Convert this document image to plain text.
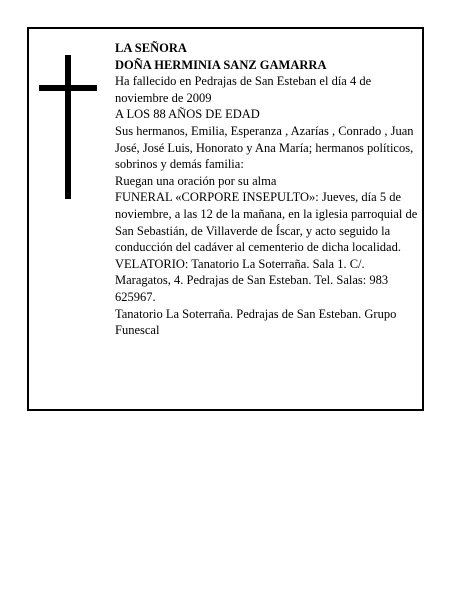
LA SEÑORA

DOÑA HERMINIA SANZ GAMARRA

Ha fallecido en Pedrajas de San Esteban el día 4 de noviembre de 2009

A LOS 88 AÑOS DE EDAD

Sus hermanos, Emilia, Esperanza , Azarías , Conrado , Juan José, José Luis, Honorato y Ana María; hermanos políticos, sobrinos y demás familia:

Ruegan una oración por su alma

FUNERAL «CORPORE INSEPULTO»: Jueves, día 5 de noviembre, a las 12 de la mañana, en la iglesia parroquial de San Sebastián, de Villaverde de Íscar, y acto seguido la conducción del cadáver al cementerio de dicha localidad.

VELATORIO: Tanatorio La Soterraña. Sala 1. C/. Maragatos, 4. Pedrajas de San Esteban. Tel. Salas: 983 625967.

Tanatorio La Soterraña. Pedrajas de San Esteban. Grupo Funescal
